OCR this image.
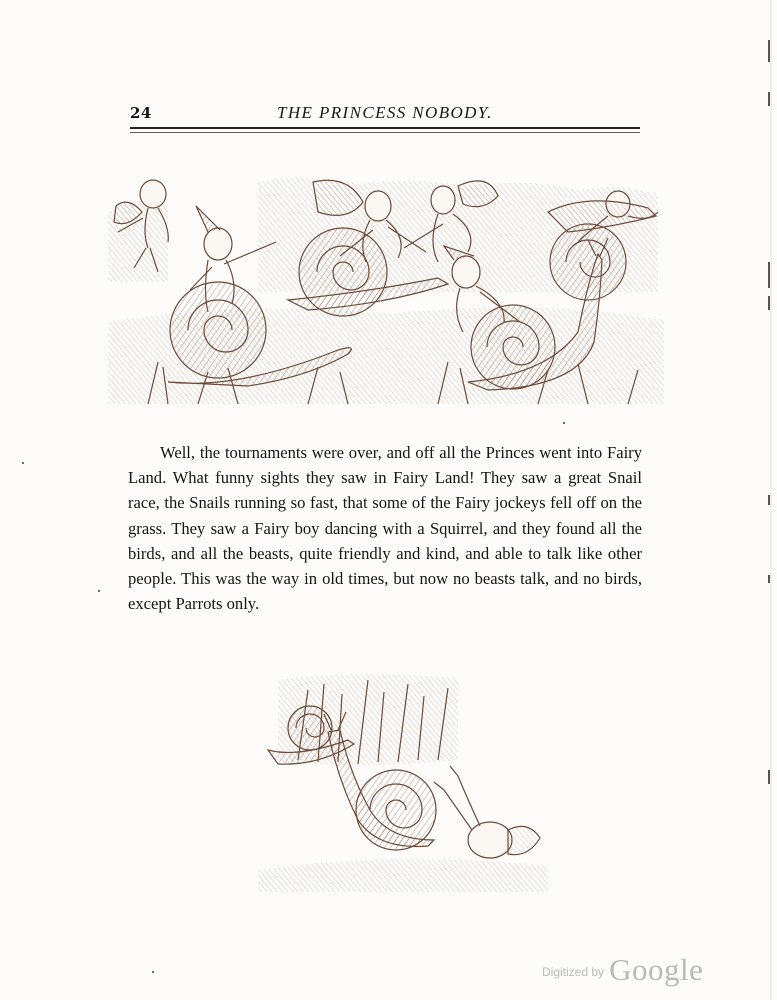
24	THE PRINCESS NOBODY.

Well, the tournaments were over, and off all the Princes went into Fairy Land. What funny sights they saw in Fairy Land! They saw a great Snail race, the Snails running so fast, that some of the Fairy jockeys fell off on the grass. They saw a Fairy boy dancing with a Squirrel, and they found all the birds, and all the beasts, quite friendly and kind, and able to talk like other people. This was the way in old times, but now no beasts talk, and no birds, except Parrots only.

$^{Digitized by}$ Google
